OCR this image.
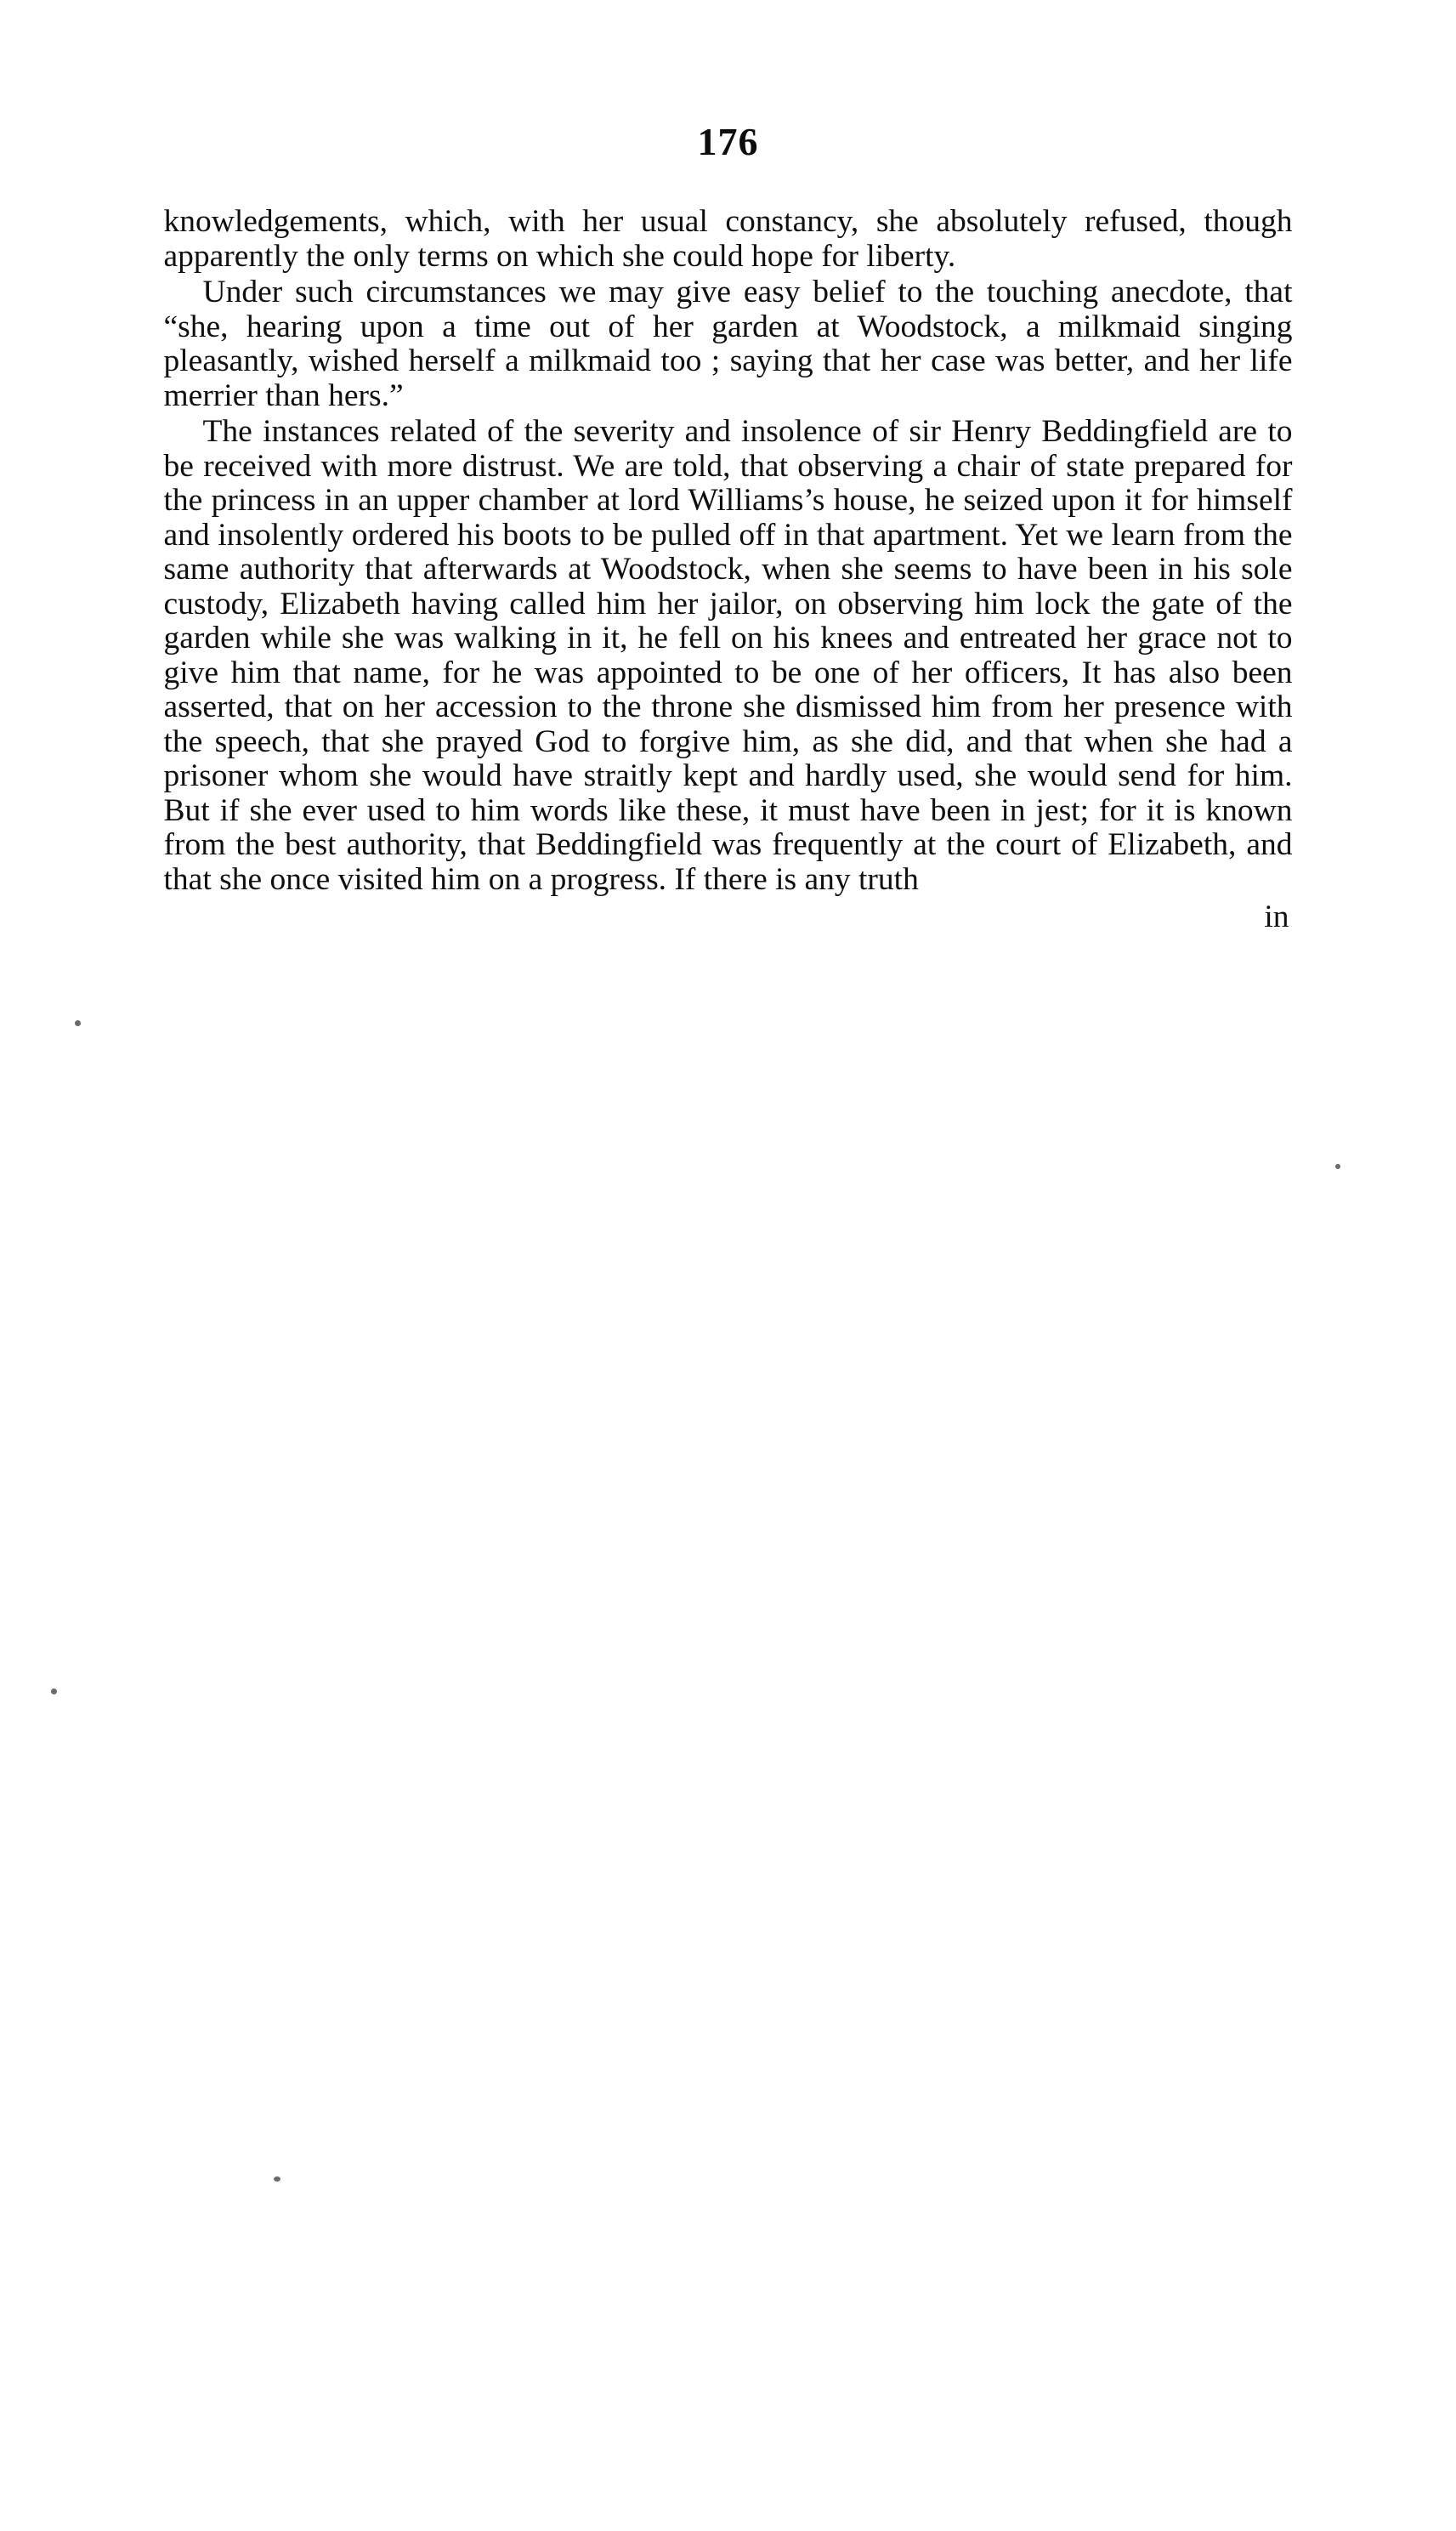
176

knowledgements, which, with her usual constancy, she absolutely refused, though apparently the only terms on which she could hope for liberty.

Under such circumstances we may give easy belief to the touching anecdote, that “she, hearing upon a time out of her garden at Woodstock, a milkmaid singing pleasantly, wished herself a milkmaid too ; saying that her case was better, and her life merrier than hers.”

The instances related of the severity and insolence of sir Henry Beddingfield are to be received with more distrust. We are told, that observing a chair of state prepared for the princess in an upper chamber at lord Williams’s house, he seized upon it for himself and insolently ordered his boots to be pulled off in that apartment. Yet we learn from the same authority that afterwards at Woodstock, when she seems to have been in his sole custody, Elizabeth having called him her jailor, on observing him lock the gate of the garden while she was walking in it, he fell on his knees and entreated her grace not to give him that name, for he was appointed to be one of her officers, It has also been asserted, that on her accession to the throne she dismissed him from her presence with the speech, that she prayed God to forgive him, as she did, and that when she had a prisoner whom she would have straitly kept and hardly used, she would send for him. But if she ever used to him words like these, it must have been in jest; for it is known from the best authority, that Beddingfield was frequently at the court of Elizabeth, and that she once visited him on a progress. If there is any truth

in
